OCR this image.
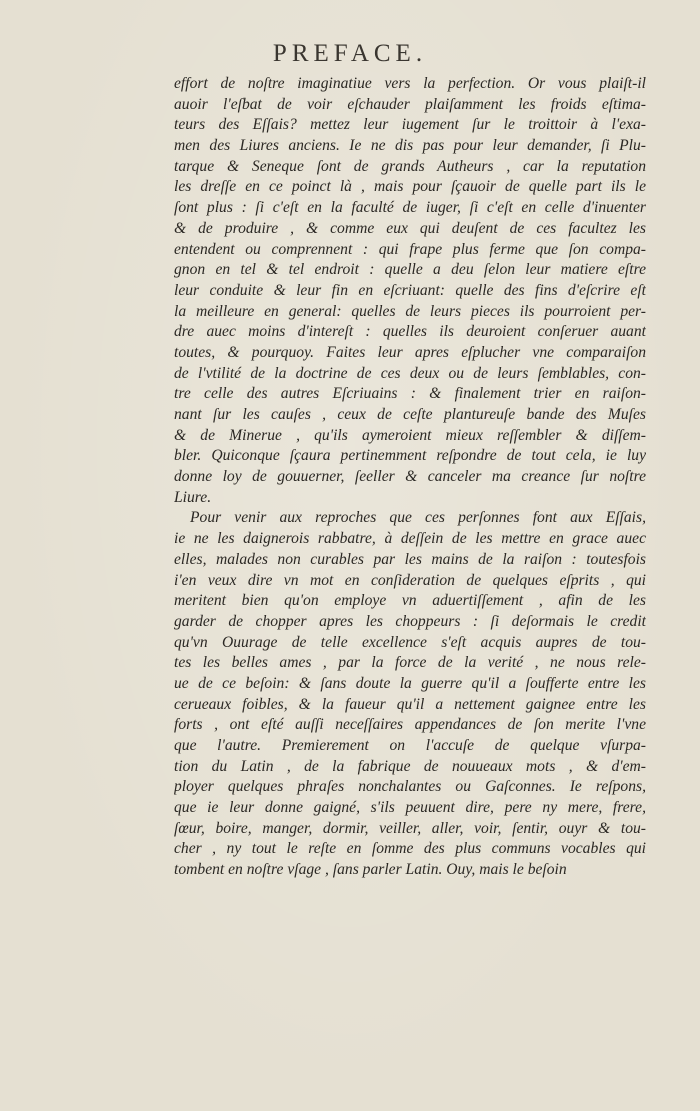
PREFACE.
effort de noſtre imaginatiue vers la perfection. Or vous plaiſt-il
auoir l'eſbat de voir eſchauder plaiſamment les froids eſtima-
teurs des Eſſais? mettez leur iugement ſur le troittoir à l'exa-
men des Liures anciens. Ie ne dis pas pour leur demander, ſi Plu-
tarque & Seneque ſont de grands Autheurs , car la reputation
les dreſſe en ce poinct là , mais pour ſçauoir de quelle part ils le
ſont plus : ſi c'eſt en la faculté de iuger, ſi c'eſt en celle d'inuenter
& de produire , & comme eux qui deuſent de ces facultez les
entendent ou comprennent : qui frape plus ferme que ſon compa-
gnon en tel & tel endroit : quelle a deu ſelon leur matiere eſtre
leur conduite & leur fin en eſcriuant: quelle des fins d'eſcrire eſt
la meilleure en general: quelles de leurs pieces ils pourroient per-
dre auec moins d'intereſt : quelles ils deuroient conſeruer auant
toutes, & pourquoy. Faites leur apres eſplucher vne comparaiſon
de l'vtilité de la doctrine de ces deux ou de leurs ſemblables, con-
tre celle des autres Eſcriuains : & finalement trier en raiſon-
nant ſur les cauſes , ceux de ceſte plantureuſe bande des Muſes
& de Minerue , qu'ils aymeroient mieux reſſembler & diſſem-
bler. Quiconque ſçaura pertinemment reſpondre de tout cela, ie luy
donne loy de gouuerner, ſeeller & canceler ma creance ſur noſtre
Liure.
Pour venir aux reproches que ces perſonnes font aux Eſſais,
ie ne les daignerois rabbatre, à deſſein de les mettre en grace auec
elles, malades non curables par les mains de la raiſon : toutesfois
i'en veux dire vn mot en conſideration de quelques eſprits , qui
meritent bien qu'on employe vn aduertiſſement , afin de les
garder de chopper apres les choppeurs : ſi deſormais le credit
qu'vn Ouurage de telle excellence s'eſt acquis aupres de tou-
tes les belles ames , par la force de la verité , ne nous rele-
ue de ce beſoin: & ſans doute la guerre qu'il a ſoufferte entre les
cerueaux foibles, & la faueur qu'il a nettement gaignee entre les
forts , ont eſté auſſi neceſſaires appendances de ſon merite l'vne
que l'autre. Premierement on l'accuſe de quelque vſurpa-
tion du Latin , de la fabrique de nouueaux mots , & d'em-
ployer quelques phraſes nonchalantes ou Gaſconnes. Ie reſpons,
que ie leur donne gaigné, s'ils peuuent dire, pere ny mere, frere,
ſœur, boire, manger, dormir, veiller, aller, voir, ſentir, ouyr & tou-
cher , ny tout le reſte en ſomme des plus communs vocables qui
tombent en noſtre vſage , ſans parler Latin. Ouy, mais le beſoin
